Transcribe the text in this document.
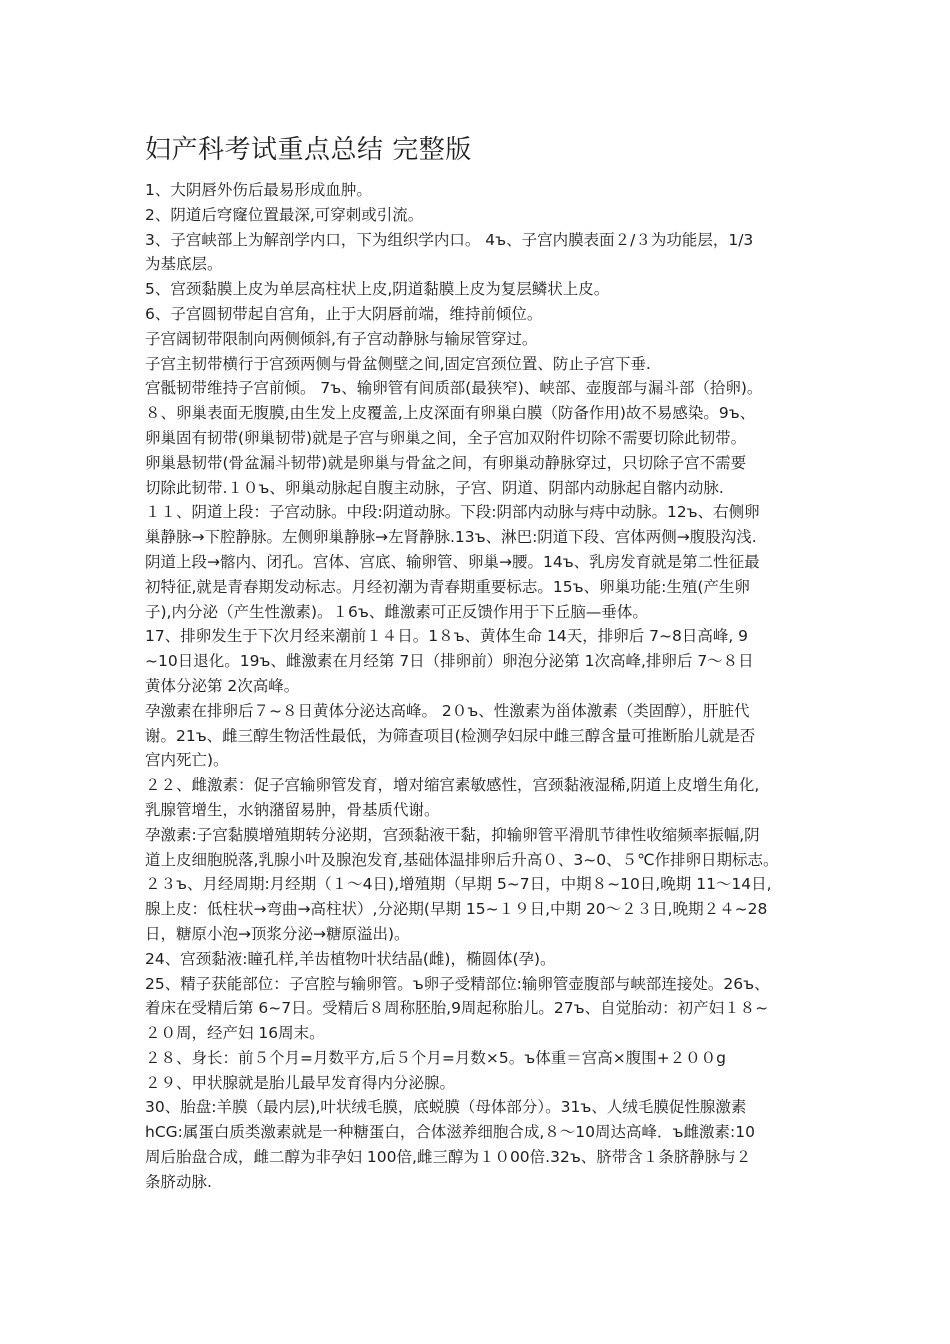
妇产科考试重点总结 完整版
1、大阴唇外伤后最易形成血肿。
2、阴道后穹窿位置最深,可穿刺或引流。
3、子宫峡部上为解剖学内口，下为组织学内口。 4ъ、子宫内膜表面２/３为功能层，1/3
为基底层。
5、宫颈黏膜上皮为单层高柱状上皮,阴道黏膜上皮为复层鳞状上皮。
6、子宫圆韧带起自宫角，止于大阴唇前端，维持前倾位。
子宫阔韧带限制向两侧倾斜,有子宫动静脉与输尿管穿过。
子宫主韧带横行于宫颈两侧与骨盆侧壁之间,固定宫颈位置、防止子宫下垂.
宫骶韧带维持子宫前倾。 7ъ、输卵管有间质部(最狭窄)、峡部、壶腹部与漏斗部（拾卵)。
８、卵巢表面无腹膜,由生发上皮覆盖,上皮深面有卵巢白膜（防备作用)故不易感染。9ъ、
卵巢固有韧带(卵巢韧带)就是子宫与卵巢之间，全子宫加双附件切除不需要切除此韧带。
卵巢悬韧带(骨盆漏斗韧带)就是卵巢与骨盆之间，有卵巢动静脉穿过，只切除子宫不需要
切除此韧带.１０ъ、卵巢动脉起自腹主动脉，子宫、阴道、阴部内动脉起自髂内动脉.
１１、阴道上段：子宫动脉。中段:阴道动脉。下段:阴部内动脉与痔中动脉。12ъ、右侧卵
巢静脉→下腔静脉。左侧卵巢静脉→左肾静脉.13ъ、淋巴:阴道下段、宫体两侧→腹股沟浅.
阴道上段→髂内、闭孔。宫体、宫底、输卵管、卵巢→腰。14ъ、乳房发育就是第二性征最
初特征,就是青春期发动标志。月经初潮为青春期重要标志。15ъ、卵巢功能:生殖(产生卵
子),内分泌（产生性激素)。１6ъ、雌激素可正反馈作用于下丘脑—垂体。
17、排卵发生于下次月经来潮前１４日。1８ъ、黄体生命 14天，排卵后 7~8日高峰, 9
~10日退化。19ъ、雌激素在月经第 7日（排卵前）卵泡分泌第 1次高峰,排卵后 7～８日
黄体分泌第 2次高峰。
孕激素在排卵后７~８日黄体分泌达高峰。 2０ъ、性激素为甾体激素（类固醇），肝脏代
谢。21ъ、雌三醇生物活性最低，为筛查项目(检测孕妇尿中雌三醇含量可推断胎儿就是否
宫内死亡)。
２２、雌激素：促子宫输卵管发育，增对缩宫素敏感性，宫颈黏液湿稀,阴道上皮增生角化,
乳腺管增生，水钠潴留易肿，骨基质代谢。
孕激素:子宫黏膜增殖期转分泌期，宫颈黏液干黏，抑输卵管平滑肌节律性收缩频率振幅,阴
道上皮细胞脱落,乳腺小叶及腺泡发育,基础体温排卵后升高０、3~0、５℃作排卵日期标志。
２３ъ、月经周期:月经期（１～4日),增殖期（早期 5~7日，中期８~10日,晚期 11～14日,
腺上皮：低柱状→弯曲→高柱状）,分泌期(早期 15~１９日,中期 20～２３日,晚期２４~28
日，糖原小泡→顶浆分泌→糖原溢出)。
24、宫颈黏液:瞳孔样,羊齿植物叶状结晶(雌)，椭圆体(孕)。
25、精子获能部位：子宫腔与输卵管。ъ卵子受精部位:输卵管壶腹部与峡部连接处。26ъ、
着床在受精后第 6~7日。受精后８周称胚胎,9周起称胎儿。27ъ、自觉胎动：初产妇１８~
２０周，经产妇 16周末。
２８、身长：前５个月=月数平方,后５个月=月数×5。ъ体重＝宫高×腹围+２００g
２９、甲状腺就是胎儿最早发育得内分泌腺。
30、胎盘:羊膜（最内层),叶状绒毛膜，底蜕膜（母体部分）。31ъ、人绒毛膜促性腺激素
hCG:属蛋白质类激素就是一种糖蛋白，合体滋养细胞合成,８～10周达高峰．ъ雌激素:10
周后胎盘合成，雌二醇为非孕妇 100倍,雌三醇为１０00倍.32ъ、脐带含１条脐静脉与２
条脐动脉.
